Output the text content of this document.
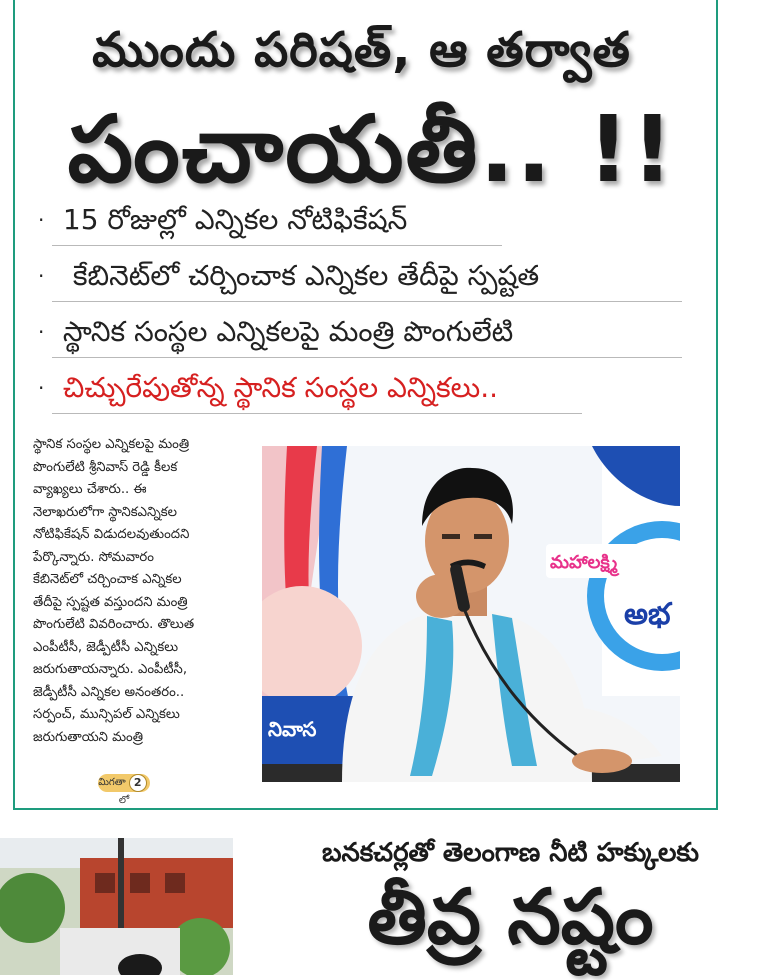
ముందు పరిషత్, ఆ తర్వాత
పంచాయతీ.. !!
· 15 రోజుల్లో ఎన్నికల నోటిఫికేషన్
· కేబినెట్‌లో చర్చించాక ఎన్నికల తేదీపై స్పష్టత
· స్థానిక సంస్థల ఎన్నికలపై మంత్రి పొంగులేటి
· చిచ్చురేపుతోన్న స్థానిక సంస్థల ఎన్నికలు..

స్థానిక సంస్థల ఎన్నికలపై మంత్రి
పొంగులేటి శ్రీనివాస్ రెడ్డి కీలక
వ్యాఖ్యలు చేశారు.. ఈ
నెలాఖరులోగా స్థానికఎన్నికల
నోటిఫికేషన్ విడుదలవుతుందని
పేర్కొన్నారు. సోమవారం
కేబినెట్‌లో చర్చించాక ఎన్నికల
తేదీపై స్పష్టత వస్తుందని మంత్రి
పొంగులేటి వివరించారు. తొలుత
ఎంపీటీసీ, జెడ్పీటీసీ ఎన్నికలు
జరుగుతాయన్నారు. ఎంపీటీసీ,
జెడ్పీటీసీ ఎన్నికల అనంతరం..
సర్పంచ్, మున్సిపల్ ఎన్నికలు
జరుగుతాయని మంత్రి

మిగతా 2లో
మహాలక్ష్మి
అభ
నివాస
బనకచర్లతో తెలంగాణ నీటి హక్కులకు
తీవ్ర నష్టం
